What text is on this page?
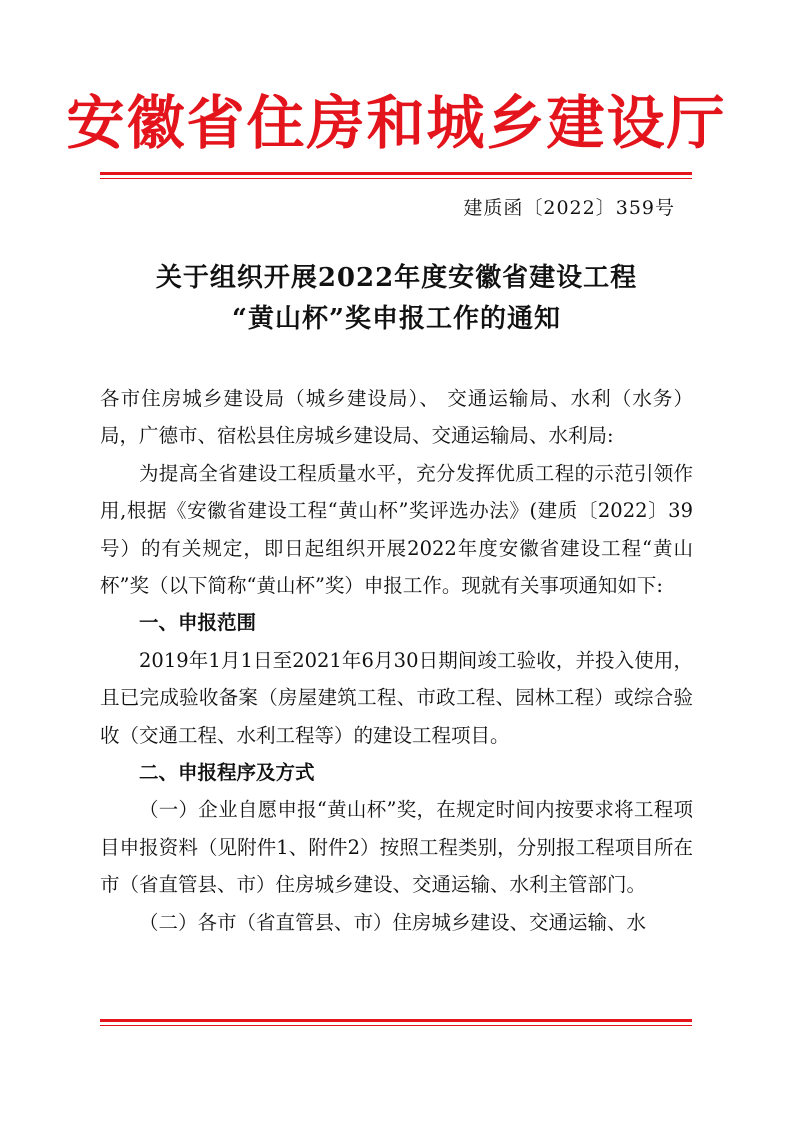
安徽省住房和城乡建设厅
建质函〔2022〕359号
关于组织开展2022年度安徽省建设工程
“黄山杯”奖申报工作的通知

各市住房城乡建设局（城乡建设局）、 交通运输局、水利（水务）局，广德市、宿松县住房城乡建设局、交通运输局、水利局:

为提高全省建设工程质量水平，充分发挥优质工程的示范引领作用,根据《安徽省建设工程“黄山杯”奖评选办法》(建质〔2022〕39号）的有关规定，即日起组织开展2022年度安徽省建设工程“黄山杯”奖（以下简称“黄山杯”奖）申报工作。现就有关事项通知如下:

一、申报范围

2019年1月1日至2021年6月30日期间竣工验收，并投入使用，且已完成验收备案（房屋建筑工程、市政工程、园林工程）或综合验收（交通工程、水利工程等）的建设工程项目。

二、申报程序及方式

（一）企业自愿申报“黄山杯”奖，在规定时间内按要求将工程项目申报资料（见附件1、附件2）按照工程类别，分别报工程项目所在市（省直管县、市）住房城乡建设、交通运输、水利主管部门。

（二）各市（省直管县、市）住房城乡建设、交通运输、水
